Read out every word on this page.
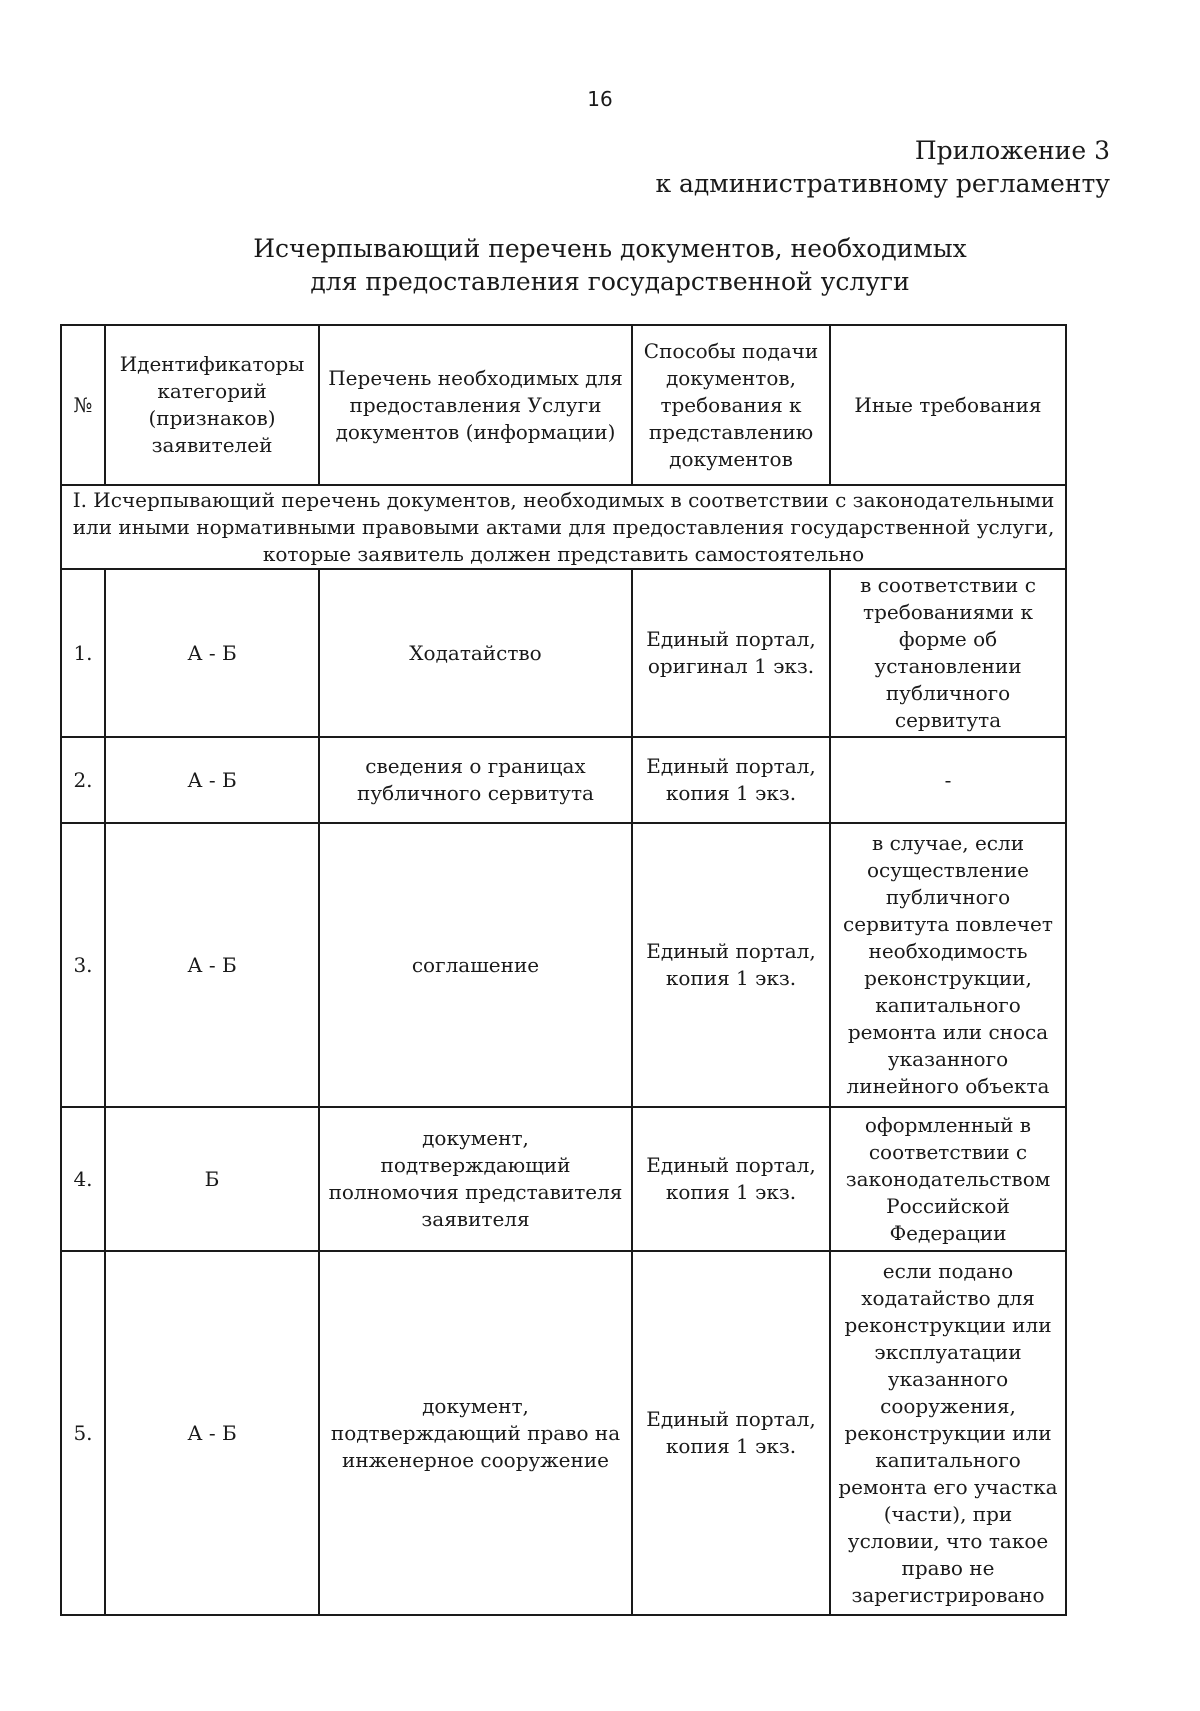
16
Приложение 3
к административному регламенту
Исчерпывающий перечень документов, необходимых
для предоставления государственной услуги
№	Идентификаторы категорий (признаков) заявителей	Перечень необходимых для предоставления Услуги документов (информации)	Способы подачи документов, требования к представлению документов	Иные требования
I. Исчерпывающий перечень документов, необходимых в соответствии с законодательными или иными нормативными правовыми актами для предоставления государственной услуги, которые заявитель должен представить самостоятельно				
1.	А - Б	Ходатайство	Единый портал, оригинал 1 экз.	в соответствии с требованиями к форме об установлении публичного сервитута
2.	А - Б	сведения о границах публичного сервитута	Единый портал, копия 1 экз.	-
3.	А - Б	соглашение	Единый портал, копия 1 экз.	в случае, если осуществление публичного сервитута повлечет необходимость реконструкции, капитального ремонта или сноса указанного линейного объекта
4.	Б	документ, подтверждающий полномочия представителя заявителя	Единый портал, копия 1 экз.	оформленный в соответствии с законодательством Российской Федерации
5.	А - Б	документ, подтверждающий право на инженерное сооружение	Единый портал, копия 1 экз.	если подано ходатайство для реконструкции или эксплуатации указанного сооружения, реконструкции или капитального ремонта его участка (части), при условии, что такое право не зарегистрировано
